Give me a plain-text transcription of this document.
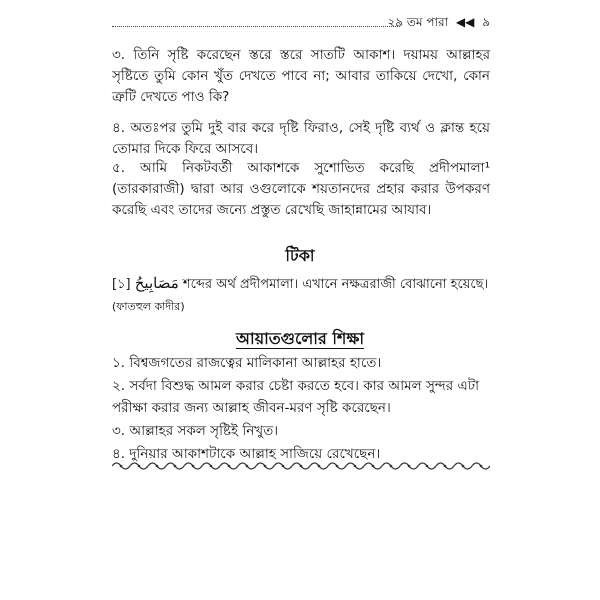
২৯ তম পারা ◀◀ ৯

৩. তিনি সৃষ্টি করেছেন স্তরে স্তরে সাতটি আকাশ। দয়াময় আল্লাহর সৃষ্টিতে তুমি কোন খুঁত দেখতে পাবে না; আবার তাকিয়ে দেখো, কোন ত্রুটি দেখতে পাও কি?

৪. অতঃপর তুমি দুই বার করে দৃষ্টি ফিরাও, সেই দৃষ্টি ব্যর্থ ও ক্লান্ত হয়ে তোমার দিকে ফিরে আসবে।

৫. আমি নিকটবর্তী আকাশকে সুশোভিত করেছি প্রদীপমালা¹ (তারকারাজী) দ্বারা আর ওগুলোকে শয়তানদের প্রহার করার উপকরণ করেছি এবং তাদের জন্যে প্রস্তুত রেখেছি জাহান্নামের আযাব।

টিকা

[১] مَصَابِيحُ শব্দের অর্থ প্রদীপমালা। এখানে নক্ষত্ররাজী বোঝানো হয়েছে। (ফাতহুল কাদীর)

আয়াতগুলোর শিক্ষা
১. বিশ্বজগতের রাজত্বের মালিকানা আল্লাহর হাতে।
২. সর্বদা বিশুদ্ধ আমল করার চেষ্টা করতে হবে। কার আমল সুন্দর এটা পরীক্ষা করার জন্য আল্লাহ জীবন-মরণ সৃষ্টি করেছেন।
৩. আল্লাহর সকল সৃষ্টিই নিখুত।
৪. দুনিয়ার আকাশটাকে আল্লাহ সাজিয়ে রেখেছেন।
